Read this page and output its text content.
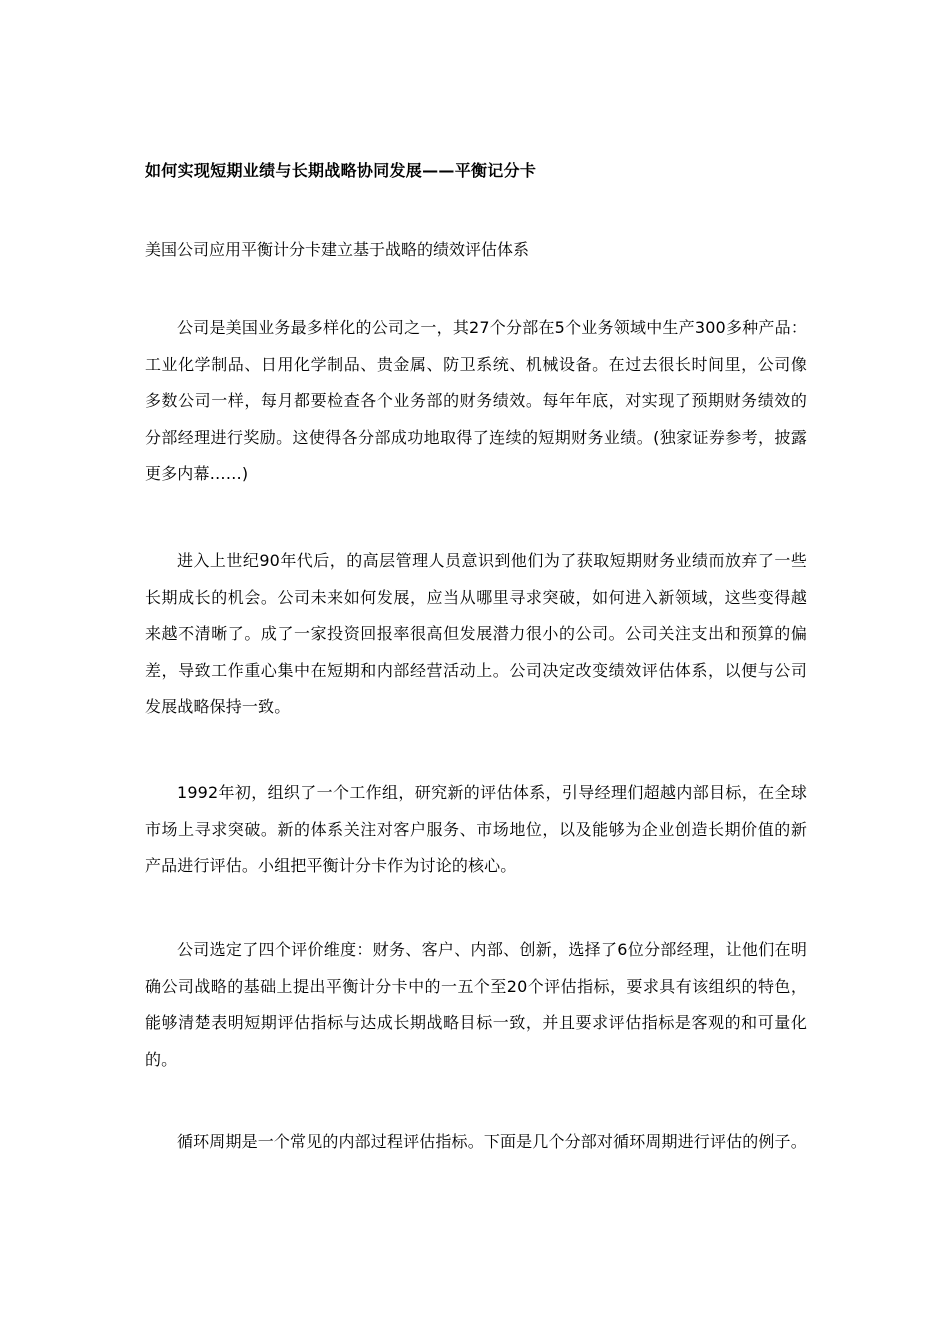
如何实现短期业绩与长期战略协同发展——平衡记分卡
美国公司应用平衡计分卡建立基于战略的绩效评估体系

公司是美国业务最多样化的公司之一，其27个分部在5个业务领域中生产300多种产品：工业化学制品、日用化学制品、贵金属、防卫系统、机械设备。在过去很长时间里，公司像多数公司一样，每月都要检查各个业务部的财务绩效。每年年底，对实现了预期财务绩效的分部经理进行奖励。这使得各分部成功地取得了连续的短期财务业绩。(独家证券参考，披露更多内幕……)

进入上世纪90年代后，的高层管理人员意识到他们为了获取短期财务业绩而放弃了一些长期成长的机会。公司未来如何发展，应当从哪里寻求突破，如何进入新领域，这些变得越来越不清晰了。成了一家投资回报率很高但发展潜力很小的公司。公司关注支出和预算的偏差，导致工作重心集中在短期和内部经营活动上。公司决定改变绩效评估体系，以便与公司发展战略保持一致。

1992年初，组织了一个工作组，研究新的评估体系，引导经理们超越内部目标，在全球市场上寻求突破。新的体系关注对客户服务、市场地位，以及能够为企业创造长期价值的新产品进行评估。小组把平衡计分卡作为讨论的核心。

公司选定了四个评价维度：财务、客户、内部、创新，选择了6位分部经理，让他们在明确公司战略的基础上提出平衡计分卡中的一五个至20个评估指标，要求具有该组织的特色，能够清楚表明短期评估指标与达成长期战略目标一致，并且要求评估指标是客观的和可量化的。

循环周期是一个常见的内部过程评估指标。下面是几个分部对循环周期进行评估的例子。
